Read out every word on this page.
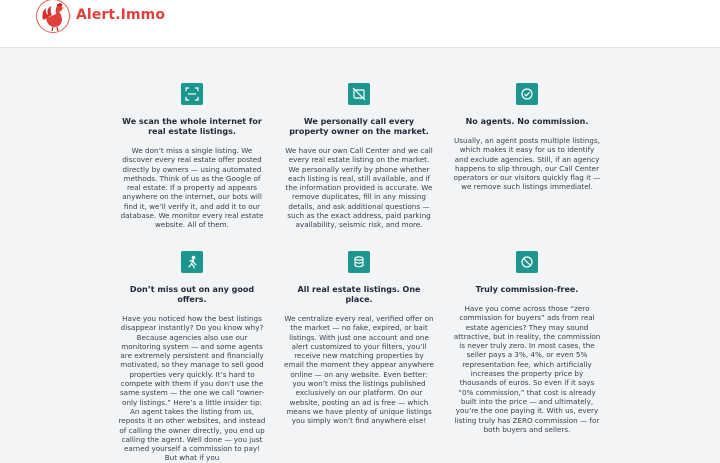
Alert.Immo
We scan the whole internet for real estate listings.
We don’t miss a single listing. We discover every real estate offer posted directly by owners — using automated methods. Think of us as the Google of real estate. If a property ad appears anywhere on the internet, our bots will find it, we’ll verify it, and add it to our database. We monitor every real estate website. All of them.
We personally call every property owner on the market.
We have our own Call Center and we call every real estate listing on the market. We personally verify by phone whether each listing is real, still available, and if the information provided is accurate. We remove duplicates, fill in any missing details, and ask additional questions — such as the exact address, paid parking availability, seismic risk, and more.
No agents. No commission.
Usually, an agent posts multiple listings, which makes it easy for us to identify and exclude agencies. Still, if an agency happens to slip through, our Call Center operators or our visitors quickly flag it — we remove such listings immediatel.
Don’t miss out on any good offers.
Have you noticed how the best listings disappear instantly? Do you know why? Because agencies also use our monitoring system — and some agents are extremely persistent and financially motivated, so they manage to sell good properties very quickly. It’s hard to compete with them if you don’t use the same system — the one we call “owner-only listings.” Here’s a little insider tip: An agent takes the listing from us, reposts it on other websites, and instead of calling the owner directly, you end up calling the agent. Well done — you just earned yourself a commission to pay! But what if you
All real estate listings. One place.
We centralize every real, verified offer on the market — no fake, expired, or bait listings. With just one account and one alert customized to your filters, you’ll receive new matching properties by email the moment they appear anywhere online — on any website. Even better: you won’t miss the listings published exclusively on our platform. On our website, posting an ad is free — which means we have plenty of unique listings you simply won’t find anywhere else!
Truly commission-free.
Have you come across those “zero commission for buyers” ads from real estate agencies? They may sound attractive, but in reality, the commission is never truly zero. In most cases, the seller pays a 3%, 4%, or even 5% representation fee, which artificially increases the property price by thousands of euros. So even if it says “0% commission,” that cost is already built into the price — and ultimately, you’re the one paying it. With us, every listing truly has ZERO commission — for both buyers and sellers.
